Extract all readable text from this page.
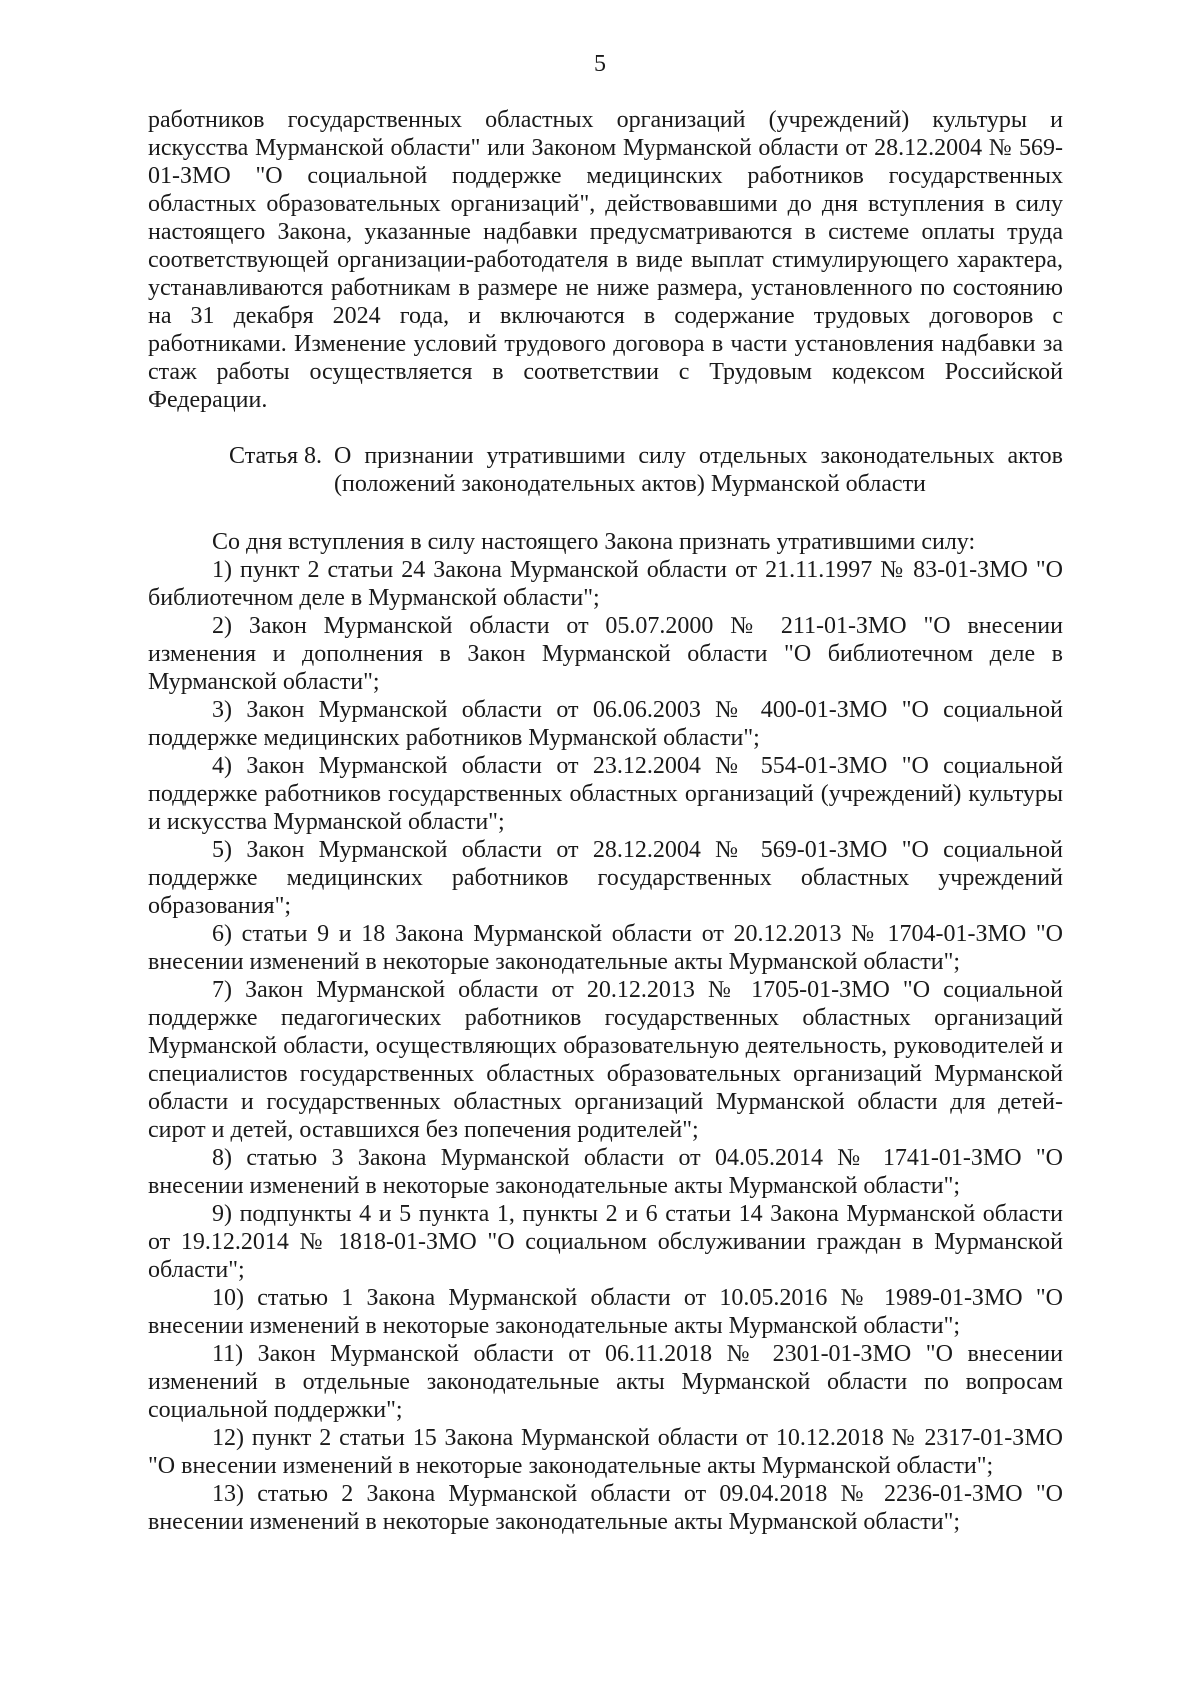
5

работников государственных областных организаций (учреждений) культуры и искусства Мурманской области" или Законом Мурманской области от 28.12.2004 № 569-01-ЗМО "О социальной поддержке медицинских работников государственных областных образовательных организаций", действовавшими до дня вступления в силу настоящего Закона, указанные надбавки предусматриваются в системе оплаты труда соответствующей организации-работодателя в виде выплат стимулирующего характера, устанавливаются работникам в размере не ниже размера, установленного по состоянию на 31 декабря 2024 года, и включаются в содержание трудовых договоров с работниками. Изменение условий трудового договора в части установления надбавки за стаж работы осуществляется в соответствии с Трудовым кодексом Российской Федерации.

Статья 8. О признании утратившими силу отдельных законодательных актов (положений законодательных актов) Мурманской области

Со дня вступления в силу настоящего Закона признать утратившими силу:

1) пункт 2 статьи 24 Закона Мурманской области от 21.11.1997 № 83-01-ЗМО "О библиотечном деле в Мурманской области";

2) Закон Мурманской области от 05.07.2000 № 211-01-ЗМО "О внесении изменения и дополнения в Закон Мурманской области "О библиотечном деле в Мурманской области";

3) Закон Мурманской области от 06.06.2003 № 400-01-ЗМО "О социальной поддержке медицинских работников Мурманской области";

4) Закон Мурманской области от 23.12.2004 № 554-01-ЗМО "О социальной поддержке работников государственных областных организаций (учреждений) культуры и искусства Мурманской области";

5) Закон Мурманской области от 28.12.2004 № 569-01-ЗМО "О социальной поддержке медицинских работников государственных областных учреждений образования";

6) статьи 9 и 18 Закона Мурманской области от 20.12.2013 № 1704-01-ЗМО "О внесении изменений в некоторые законодательные акты Мурманской области";

7) Закон Мурманской области от 20.12.2013 № 1705-01-ЗМО "О социальной поддержке педагогических работников государственных областных организаций Мурманской области, осуществляющих образовательную деятельность, руководителей и специалистов государственных областных образовательных организаций Мурманской области и государственных областных организаций Мурманской области для детей-сирот и детей, оставшихся без попечения родителей";

8) статью 3 Закона Мурманской области от 04.05.2014 № 1741-01-ЗМО "О внесении изменений в некоторые законодательные акты Мурманской области";

9) подпункты 4 и 5 пункта 1, пункты 2 и 6 статьи 14 Закона Мурманской области от 19.12.2014 № 1818-01-ЗМО "О социальном обслуживании граждан в Мурманской области";

10) статью 1 Закона Мурманской области от 10.05.2016 № 1989-01-ЗМО "О внесении изменений в некоторые законодательные акты Мурманской области";

11) Закон Мурманской области от 06.11.2018 № 2301-01-ЗМО "О внесении изменений в отдельные законодательные акты Мурманской области по вопросам социальной поддержки";

12) пункт 2 статьи 15 Закона Мурманской области от 10.12.2018 № 2317-01-ЗМО "О внесении изменений в некоторые законодательные акты Мурманской области";

13) статью 2 Закона Мурманской области от 09.04.2018 № 2236-01-ЗМО "О внесении изменений в некоторые законодательные акты Мурманской области";
